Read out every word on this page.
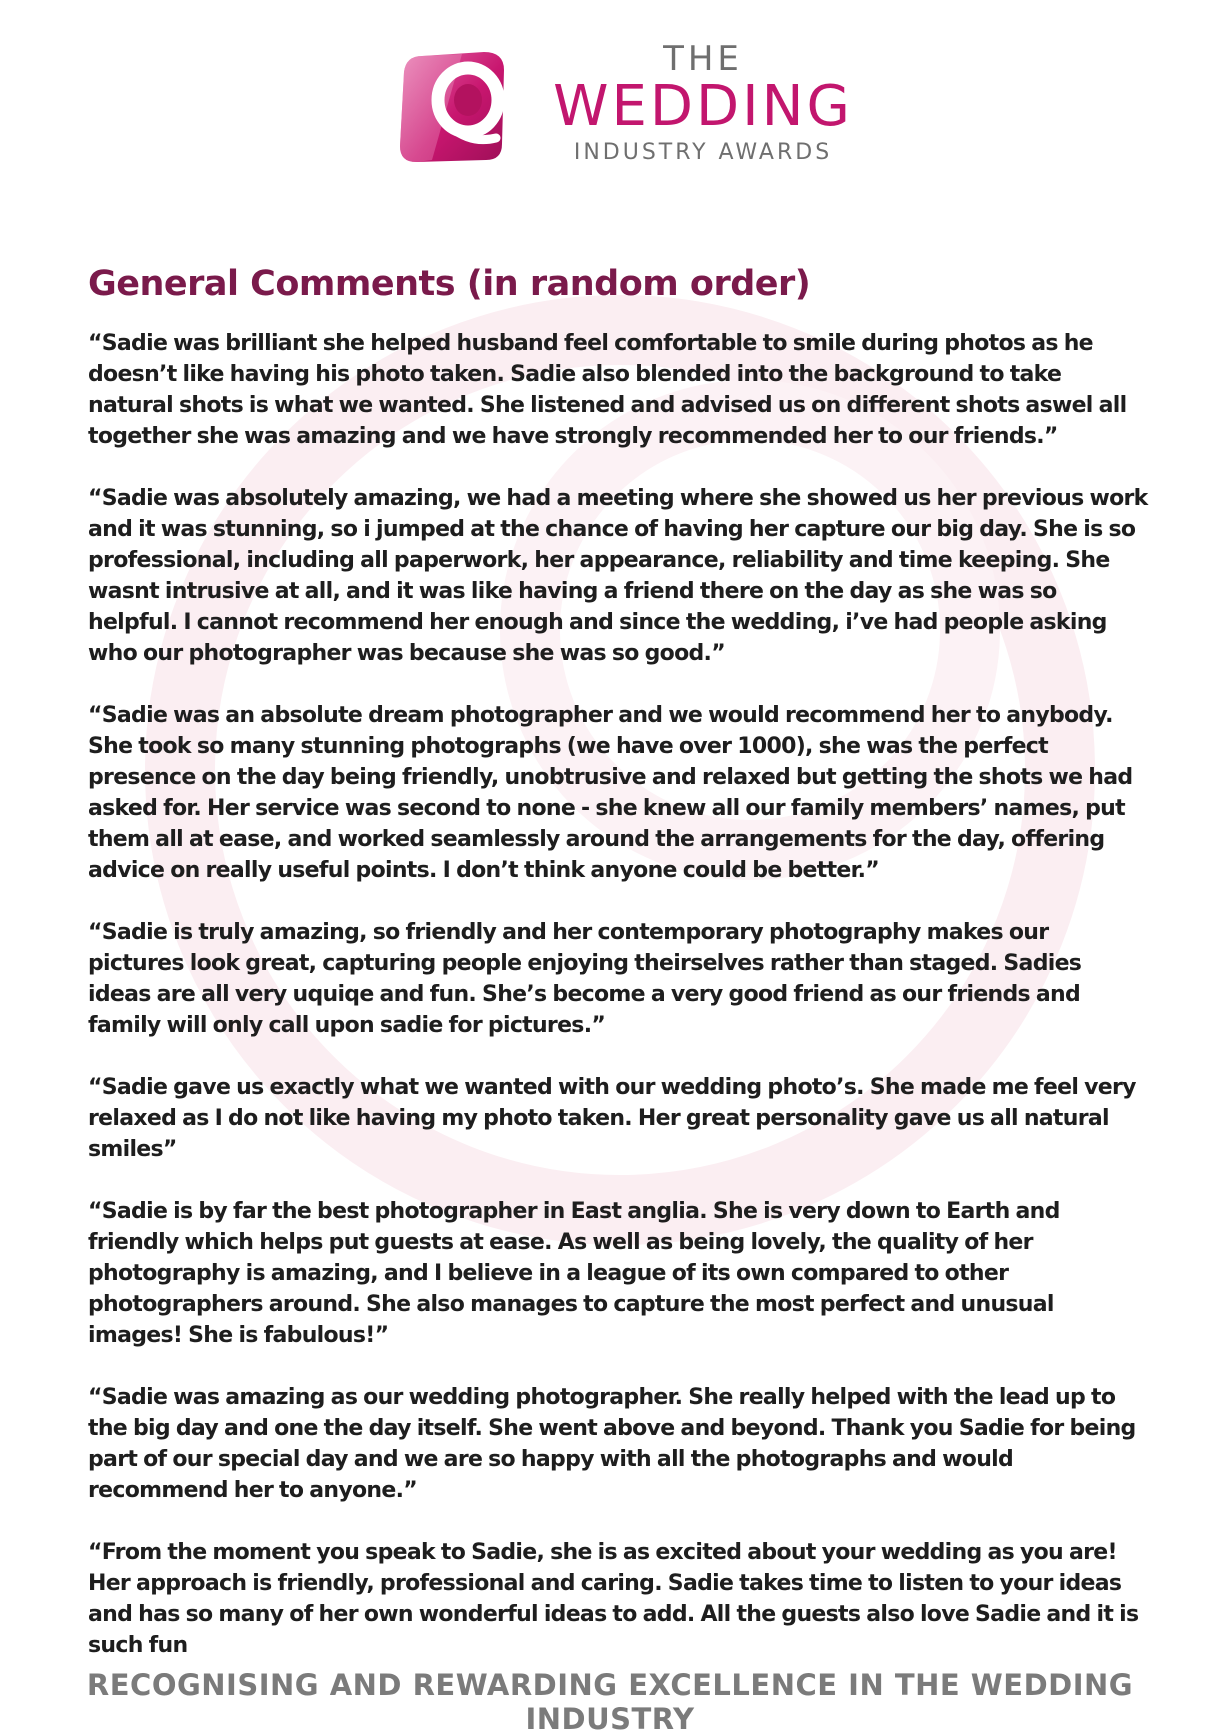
THE
WEDDING
INDUSTRY AWARDS
General Comments (in random order)

“Sadie was brilliant she helped husband feel comfortable to smile during photos as he doesn’t like having his photo taken. Sadie also blended into the background to take natural shots is what we wanted. She listened and advised us on different shots aswel all together she was amazing and we have strongly recommended her to our friends.”

“Sadie was absolutely amazing, we had a meeting where she showed us her previous work and it was stunning, so i jumped at the chance of having her capture our big day. She is so professional, including all paperwork, her appearance, reliability and time keeping. She wasnt intrusive at all, and it was like having a friend there on the day as she was so helpful. I cannot recommend her enough and since the wedding, i’ve had people asking who our photographer was because she was so good.”

“Sadie was an absolute dream photographer and we would recommend her to anybody. She took so many stunning photographs (we have over 1000), she was the perfect presence on the day being friendly, unobtrusive and relaxed but getting the shots we had asked for. Her service was second to none - she knew all our family members’ names, put them all at ease, and worked seamlessly around the arrangements for the day, offering advice on really useful points. I don’t think anyone could be better.”

“Sadie is truly amazing, so friendly and her contemporary photography makes our pictures look great, capturing people enjoying theirselves rather than staged. Sadies ideas are all very uquiqe and fun. She’s become a very good friend as our friends and family will only call upon sadie for pictures.”

“Sadie gave us exactly what we wanted with our wedding photo’s. She made me feel very relaxed as I do not like having my photo taken. Her great personality gave us all natural smiles”

“Sadie is by far the best photographer in East anglia. She is very down to Earth and friendly which helps put guests at ease. As well as being lovely, the quality of her photography is amazing, and I believe in a league of its own compared to other photographers around. She also manages to capture the most perfect and unusual images! She is fabulous!”

“Sadie was amazing as our wedding photographer. She really helped with the lead up to the big day and one the day itself. She went above and beyond. Thank you Sadie for being part of our special day and we are so happy with all the photographs and would recommend her to anyone.”

“From the moment you speak to Sadie, she is as excited about your wedding as you are! Her approach is friendly, professional and caring. Sadie takes time to listen to your ideas and has so many of her own wonderful ideas to add. All the guests also love Sadie and it is such fun

RECOGNISING AND REWARDING EXCELLENCE IN THE WEDDING INDUSTRY
